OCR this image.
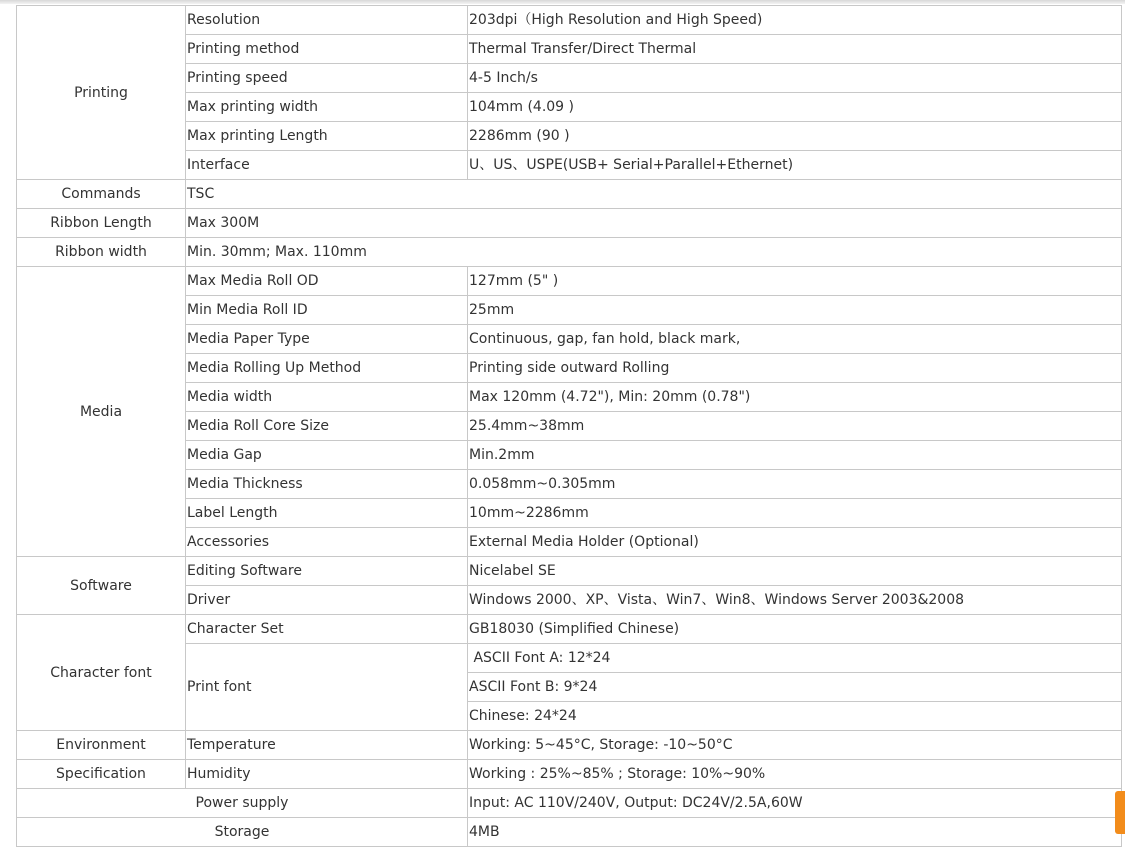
Printing	Resolution	203dpi（High Resolution and High Speed)
	Printing method	Thermal Transfer/Direct Thermal
	Printing speed	4-5 Inch/s
	Max printing width	104mm (4.09 )
	Max printing Length	2286mm (90 )
	Interface	U、US、USPE(USB+ Serial+Parallel+Ethernet)
Commands	TSC	
Ribbon Length	Max 300M	
Ribbon width	Min. 30mm; Max. 110mm	
Media	Max Media Roll OD	127mm (5" )
	Min Media Roll ID	25mm
	Media Paper Type	Continuous, gap, fan hold, black mark,
	Media Rolling Up Method	Printing side outward Rolling
	Media width	Max 120mm (4.72"), Min: 20mm (0.78")
	Media Roll Core Size	25.4mm~38mm
	Media Gap	Min.2mm
	Media Thickness	0.058mm~0.305mm
	Label Length	10mm~2286mm
	Accessories	External Media Holder (Optional)
Software	Editing Software	Nicelabel SE
	Driver	Windows 2000、XP、Vista、Win7、Win8、Windows Server 2003&2008
Character font	Character Set	GB18030 (Simplified Chinese)
	Print font	ASCII Font A: 12*24
		ASCII Font B: 9*24
		Chinese: 24*24
Environment	Temperature	Working: 5~45°C, Storage: -10~50°C
Specification	Humidity	Working : 25%~85% ; Storage: 10%~90%
Power supply		Input: AC 110V/240V, Output: DC24V/2.5A,60W
Storage		4MB
